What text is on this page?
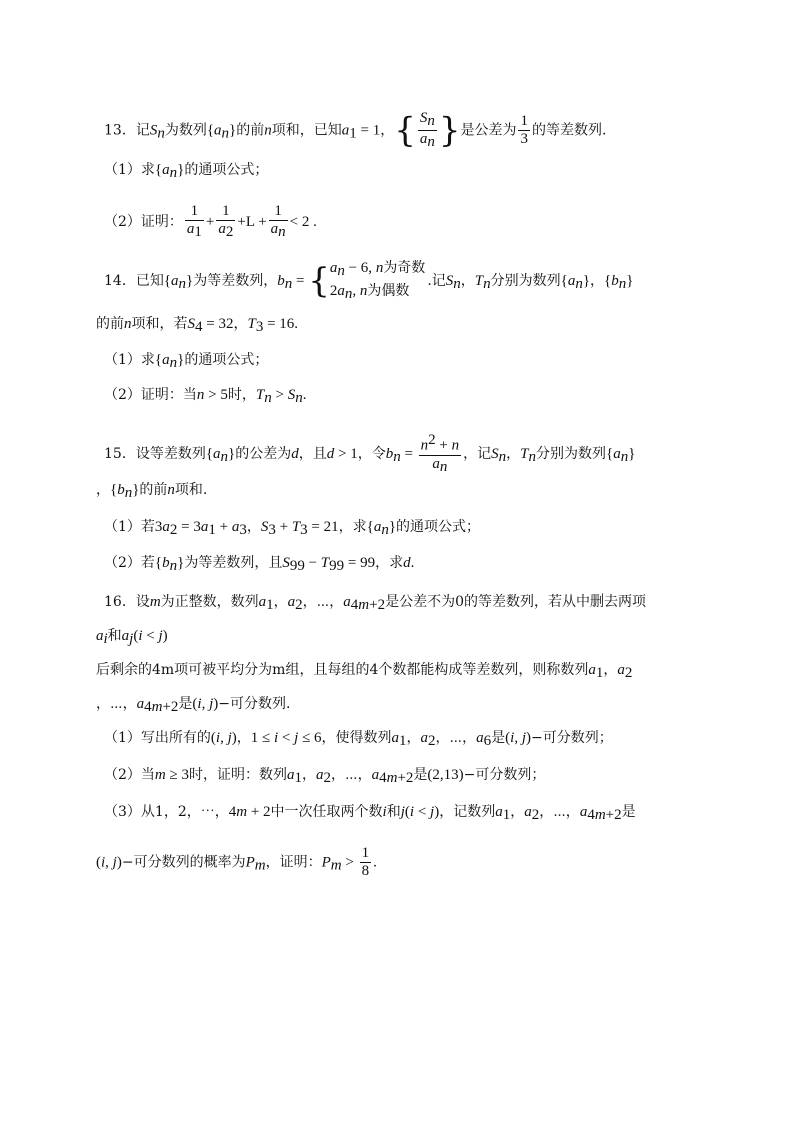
13．记$S_n$为数列$\{a_n\}$的前n项和，已知$a_1 = 1$，{ $\frac{S_n}{a_n}$ }是公差为 $\frac{1}{3}$ 的等差数列.
（1）求$\{a_n\}$的通项公式；
（2）证明： $\frac{1}{a_1} + \frac{1}{a_2} +L + \frac{1}{a_n} < 2$ .
14．已知$\{a_n\}$为等差数列，$b_n$ = { $a_n - 6$, n为奇数
$2a_n$, n为偶数
.记$S_n$，$T_n$分别为数列$\{a_n\}$，$\{b_n\}$
的前n项和，若$S_4 = 32$，$T_3 = 16$.
（1）求$\{a_n\}$的通项公式；
（2）证明：当n > 5时，$T_n > S_n$.
15．设等差数列$\{a_n\}$的公差为d，且d > 1，令$b_n = \frac{n^2 + n}{a_n}$ ，记$S_n$，$T_n$分别为数列$\{a_n\}$
，$\{b_n\}$的前n项和.
（1）若$3a_2 = 3a_1 + a_3$，$S_3 + T_3 = 21$，求$\{a_n\}$的通项公式；
（2）若$\{b_n\}$为等差数列，且$S_{99} - T_{99} = 99$，求d.
16．设m为正整数，数列$a_1$，$a_2$，⋯，$a_{4m+2}$是公差不为0的等差数列，若从中删去两项
$a_i$和$a_j(i < j)$
后剩余的4m项可被平均分为m组，且每组的4个数都能构成等差数列，则称数列$a_1$，$a_2$
，⋯，$a_{4m+2}$是(i, j)−可分数列.
（1）写出所有的(i, j)，1 ≤ i < j ≤ 6，使得数列$a_1$，$a_2$，⋯，$a_6$是(i, j)−可分数列；
（2）当m ≥ 3时，证明：数列$a_1$，$a_2$，⋯，$a_{4m+2}$是(2,13)−可分数列；
（3）从1，2，⋯，4m + 2中一次任取两个数i和j(i < j)，记数列$a_1$，$a_2$，⋯，$a_{4m+2}$是
(i, j)−可分数列的概率为$P_m$，证明：$P_m > \frac{1}{8}$ .
